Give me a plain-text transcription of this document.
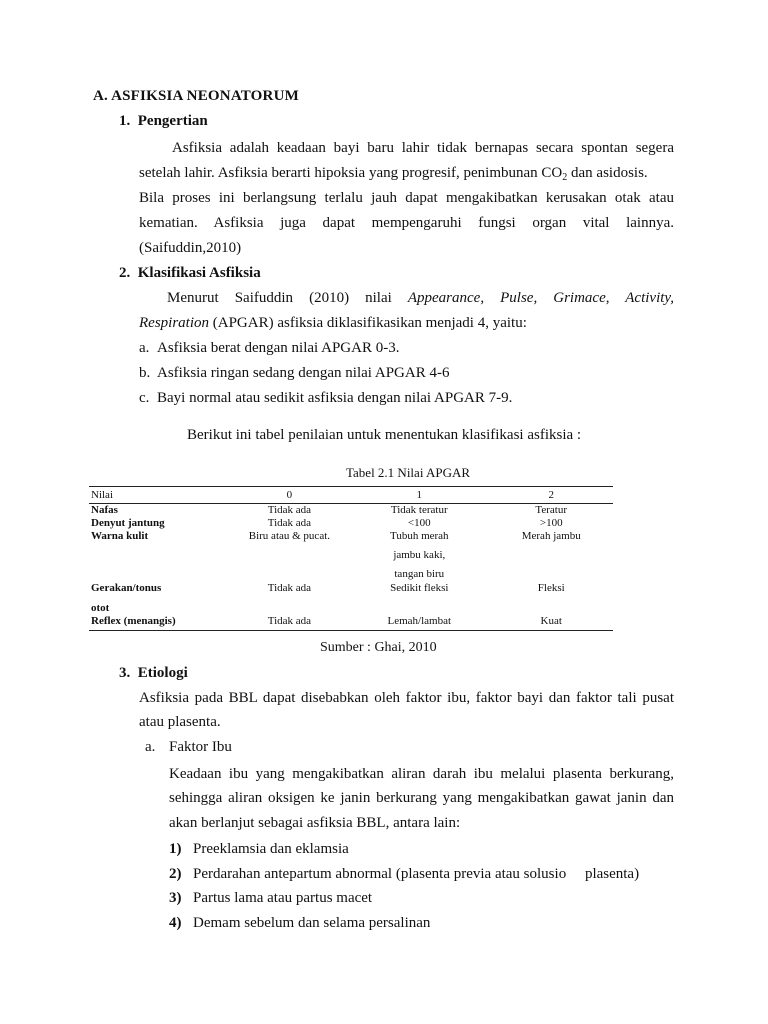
A. ASFIKSIA NEONATORUM
1. Pengertian
Asfiksia adalah keadaan bayi baru lahir tidak bernapas secara spontan segera
setelah lahir. Asfiksia berarti hipoksia yang progresif, penimbunan $CO_2$ dan asidosis.
Bila proses ini berlangsung terlalu jauh dapat mengakibatkan kerusakan otak atau
kematian. Asfiksia juga dapat mempengaruhi fungsi organ vital lainnya.
(Saifuddin,2010)
2. Klasifikasi Asfiksia
Menurut Saifuddin (2010) nilai Appearance, Pulse, Grimace, Activity,
Respiration (APGAR) asfiksia diklasifikasikan menjadi 4, yaitu:
a. Asfiksia berat dengan nilai APGAR 0-3.
b. Asfiksia ringan sedang dengan nilai APGAR 4-6
c. Bayi normal atau sedikit asfiksia dengan nilai APGAR 7-9.
Berikut ini tabel penilaian untuk menentukan klasifikasi asfiksia :
Tabel 2.1 Nilai APGAR
Nilai	0	1	2
Nafas	Tidak ada	Tidak teratur	Teratur
Denyut jantung	Tidak ada	<100	>100
Warna kulit	Biru atau & pucat.	Tubuh merah	Merah jambu
		jambu kaki,	
		tangan biru	
Gerakan/tonus	Tidak ada	Sedikit fleksi	Fleksi
otot			
Reflex (menangis)	Tidak ada	Lemah/lambat	Kuat
Sumber : Ghai, 2010
3. Etiologi
Asfiksia pada BBL dapat disebabkan oleh faktor ibu, faktor bayi dan faktor tali pusat
atau plasenta.
a. Faktor Ibu
Keadaan ibu yang mengakibatkan aliran darah ibu melalui plasenta berkurang,
sehingga aliran oksigen ke janin berkurang yang mengakibatkan gawat janin dan
akan berlanjut sebagai asfiksia BBL, antara lain:
1) Preeklamsia dan eklamsia
2) Perdarahan antepartum abnormal (plasenta previa atau solusio     plasenta)
3) Partus lama atau partus macet
4) Demam sebelum dan selama persalinan
